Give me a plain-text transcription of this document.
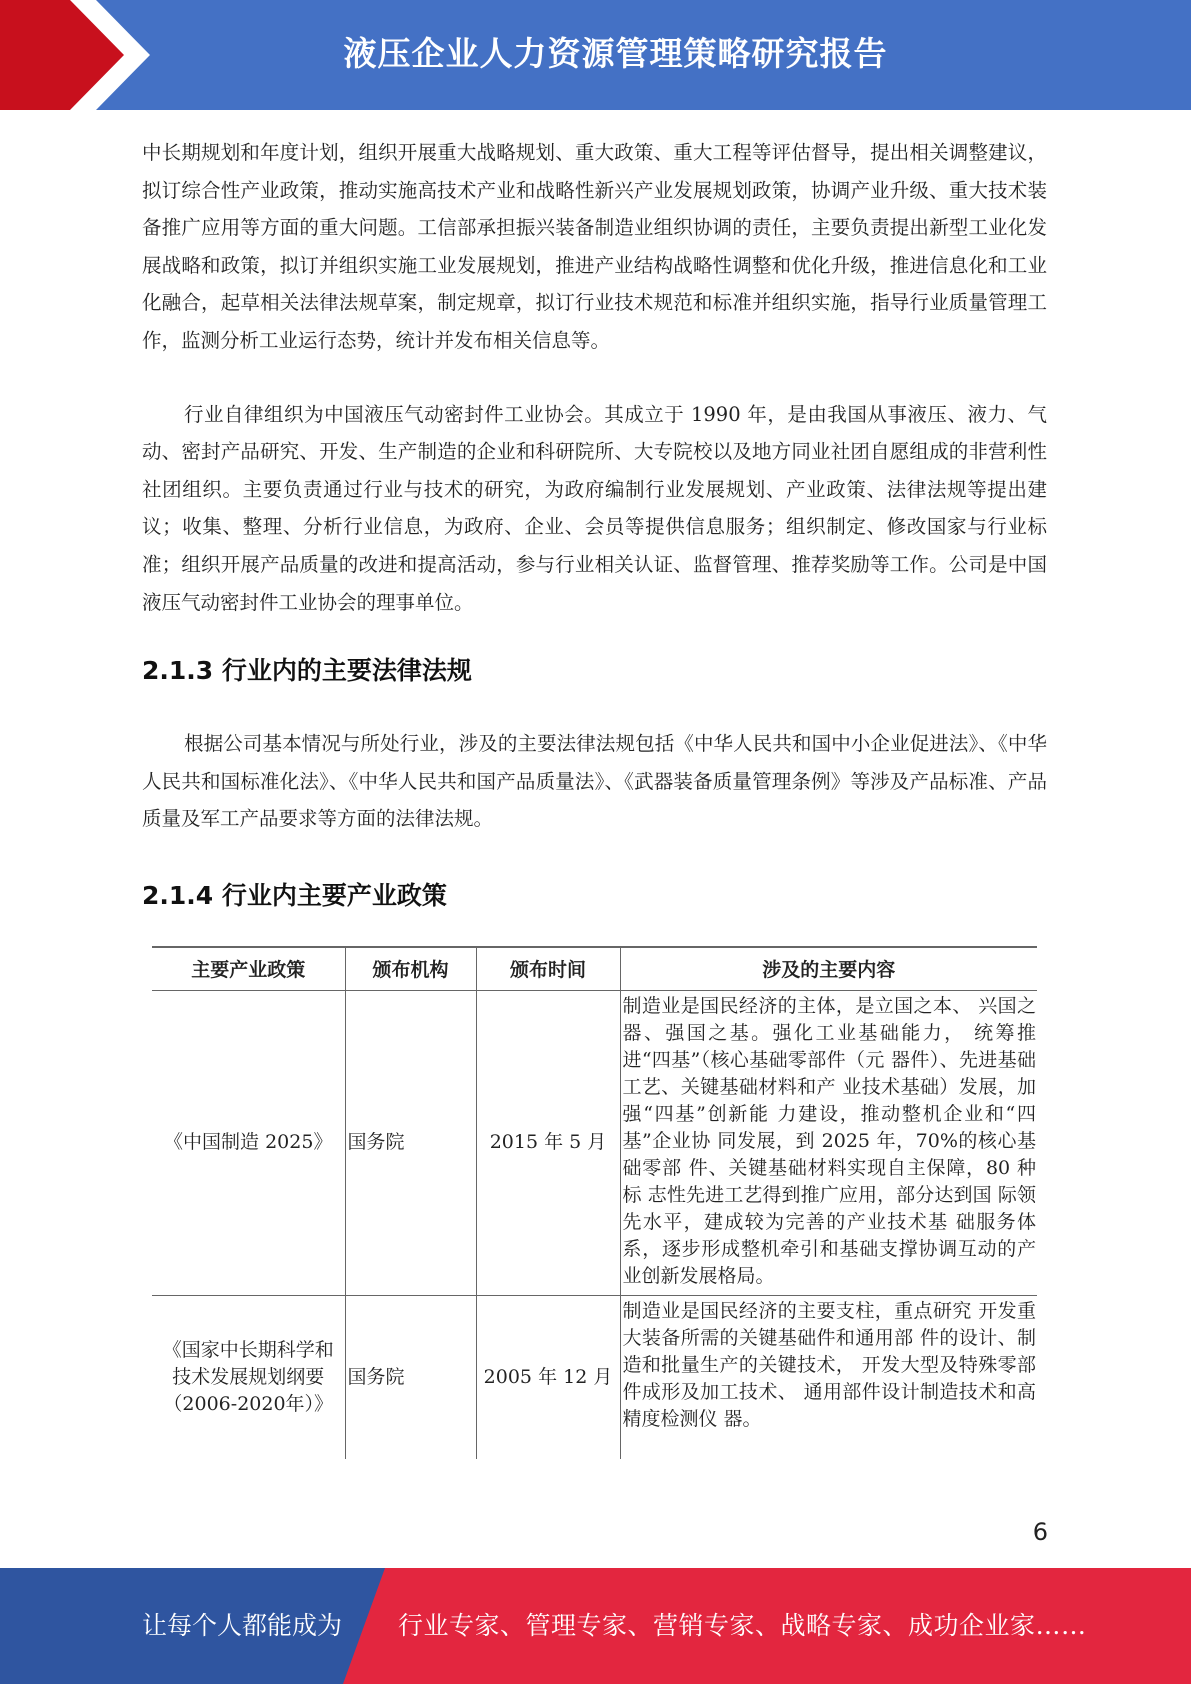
液压企业人力资源管理策略研究报告

中长期规划和年度计划，组织开展重大战略规划、重大政策、重大工程等评估督导，提出相关调整建议，拟订综合性产业政策，推动实施高技术产业和战略性新兴产业发展规划政策，协调产业升级、重大技术装备推广应用等方面的重大问题。工信部承担振兴装备制造业组织协调的责任，主要负责提出新型工业化发展战略和政策，拟订并组织实施工业发展规划，推进产业结构战略性调整和优化升级，推进信息化和工业化融合，起草相关法律法规草案，制定规章，拟订行业技术规范和标准并组织实施，指导行业质量管理工作，监测分析工业运行态势，统计并发布相关信息等。

行业自律组织为中国液压气动密封件工业协会。其成立于 1990 年，是由我国从事液压、液力、气动、密封产品研究、开发、生产制造的企业和科研院所、大专院校以及地方同业社团自愿组成的非营利性社团组织。主要负责通过行业与技术的研究，为政府编制行业发展规划、产业政策、法律法规等提出建议；收集、整理、分析行业信息，为政府、企业、会员等提供信息服务；组织制定、修改国家与行业标准；组织开展产品质量的改进和提高活动，参与行业相关认证、监督管理、推荐奖励等工作。公司是中国液压气动密封件工业协会的理事单位。

2.1.3 行业内的主要法律法规

根据公司基本情况与所处行业，涉及的主要法律法规包括《中华人民共和国中小企业促进法》、《中华人民共和国标准化法》、《中华人民共和国产品质量法》、《武器装备质量管理条例》等涉及产品标准、产品质量及军工产品要求等方面的法律法规。

2.1.4 行业内主要产业政策
主要产业政策	颁布机构	颁布时间	涉及的主要内容
《中国制造 2025》	国务院	2015 年 5 月	制造业是国民经济的主体，是立国之本、 兴国之器、强国之基。强化工业基础能力， 统筹推进“四基”（核心基础零部件（元 器件）、先进基础工艺、关键基础材料和产 业技术基础）发展，加强“四基”创新能 力建设，推动整机企业和“四基”企业协 同发展，到 2025 年，70%的核心基础零部 件、关键基础材料实现自主保障，80 种标 志性先进工艺得到推广应用，部分达到国 际领先水平，建成较为完善的产业技术基 础服务体系，逐步形成整机牵引和基础支撑协调互动的产业创新发展格局。
《国家中长期科学和技术发展规划纲要（2006-2020年）》	国务院	2005 年 12 月	制造业是国民经济的主要支柱，重点研究 开发重大装备所需的关键基础件和通用部 件的设计、制造和批量生产的关键技术， 开发大型及特殊零部件成形及加工技术、 通用部件设计制造技术和高精度检测仪 器。
6
让每个人都能成为 行业专家、管理专家、营销专家、战略专家、成功企业家……
